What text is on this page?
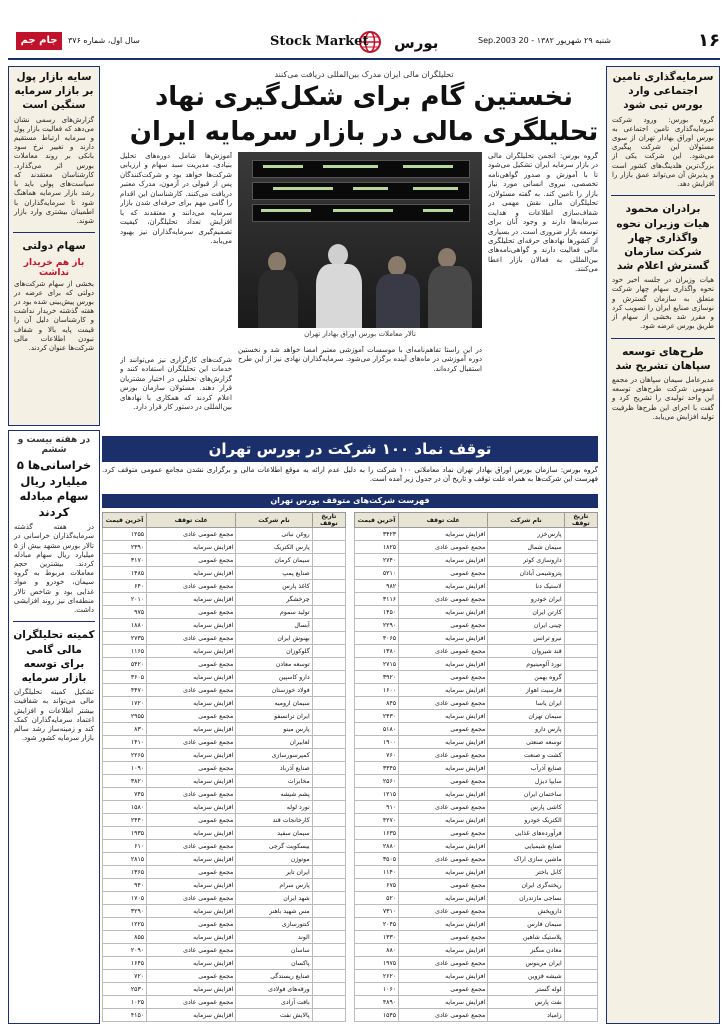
۱۶
شنبه ۲۹ شهریور ۱۳۸۲ - 20 Sep.2003
بورس
Stock Market
سال اول، شماره ۳۷۶
جام جم
سایه بازار پول بر بازار سرمایه سنگین است
گزارش‌های رسمی نشان می‌دهد که فعالیت بازار پول و سرمایه ارتباط مستقیم دارند و تغییر نرخ سود بانکی بر روند معاملات بورس اثر می‌گذارد. کارشناسان معتقدند که سیاست‌های پولی باید با رشد بازار سرمایه هماهنگ شود تا سرمایه‌گذاران با اطمینان بیشتری وارد بازار شوند.
سهام دولتی
باز هم خریدار نداشت
بخشی از سهام شرکت‌های دولتی که برای عرضه در بورس پیش‌بینی شده بود در هفته گذشته خریدار نداشت و کارشناسان دلیل آن را قیمت پایه بالا و شفاف نبودن اطلاعات مالی شرکت‌ها عنوان کردند.
در هفته بیست و ششم
خراسانی‌ها ۵ میلیارد ریال سهام مبادله کردند
در هفته گذشته سرمایه‌گذاران خراسانی در تالار بورس مشهد بیش از ۵ میلیارد ریال سهام مبادله کردند. بیشترین حجم معاملات مربوط به گروه سیمان، خودرو و مواد غذایی بود و شاخص تالار منطقه‌ای نیز روند افزایشی داشت.
کمیته تحلیلگران مالی گامی برای توسعه بازار سرمایه
تشکیل کمیته تحلیلگران مالی می‌تواند به شفافیت بیشتر اطلاعات و افزایش اعتماد سرمایه‌گذاران کمک کند و زمینه‌ساز رشد سالم بازار سرمایه کشور شود.
سرمایه‌گذاری تامین اجتماعی وارد بورس تبی شود
گروه بورس: ورود شرکت سرمایه‌گذاری تامین اجتماعی به بورس اوراق بهادار تهران از سوی مسئولان این شرکت پیگیری می‌شود. این شرکت یکی از بزرگ‌ترین هلدینگ‌های کشور است و پذیرش آن می‌تواند عمق بازار را افزایش دهد.
برادران محمود هیات وزیران نحوه واگذاری چهار شرکت سازمان گسترش اعلام شد
هیات وزیران در جلسه اخیر خود نحوه واگذاری سهام چهار شرکت متعلق به سازمان گسترش و نوسازی صنایع ایران را تصویب کرد و مقرر شد بخشی از سهام از طریق بورس عرضه شود.
طرح‌های توسعه سپاهان تشریح شد
مدیرعامل سیمان سپاهان در مجمع عمومی شرکت طرح‌های توسعه این واحد تولیدی را تشریح کرد و گفت با اجرای این طرح‌ها ظرفیت تولید افزایش می‌یابد.
تحلیلگران مالی ایران مدرک بین‌المللی دریافت می‌کنند
نخستین گام برای شکل‌گیری نهاد تحلیلگری مالی در بازار سرمایه ایران
گروه بورس: انجمن تحلیلگران مالی در بازار سرمایه ایران تشکیل می‌شود تا با آموزش و صدور گواهی‌نامه تخصصی، نیروی انسانی مورد نیاز بازار را تامین کند. به گفته مسئولان، تحلیلگران مالی نقش مهمی در شفاف‌سازی اطلاعات و هدایت سرمایه‌ها دارند و وجود آنان برای توسعه بازار ضروری است. در بسیاری از کشورها نهادهای حرفه‌ای تحلیلگری مالی فعالیت دارند و گواهی‌نامه‌های بین‌المللی به فعالان بازار اعطا می‌کنند.
آموزش‌ها شامل دوره‌های تحلیل بنیادی، مدیریت سبد سهام و ارزیابی شرکت‌ها خواهد بود و شرکت‌کنندگان پس از قبولی در آزمون، مدرک معتبر دریافت می‌کنند. کارشناسان این اقدام را گامی مهم برای حرفه‌ای شدن بازار سرمایه می‌دانند و معتقدند که با افزایش تعداد تحلیلگران، کیفیت تصمیم‌گیری سرمایه‌گذاران نیز بهبود می‌یابد.
شرکت‌های کارگزاری نیز می‌توانند از خدمات این تحلیلگران استفاده کنند و گزارش‌های تحلیلی در اختیار مشتریان قرار دهند. مسئولان سازمان بورس اعلام کردند که همکاری با نهادهای بین‌المللی در دستور کار قرار دارد.
در این راستا تفاهم‌نامه‌ای با موسسات آموزشی معتبر امضا خواهد شد و نخستین دوره آموزشی در ماه‌های آینده برگزار می‌شود. سرمایه‌گذاران نهادی نیز از این طرح استقبال کرده‌اند.
تالار معاملات بورس اوراق بهادار تهران
توقف نماد ۱۰۰ شرکت در بورس تهران
گروه بورس: سازمان بورس اوراق بهادار تهران نماد معاملاتی ۱۰۰ شرکت را به دلیل عدم ارائه به موقع اطلاعات مالی و برگزاری نشدن مجامع عمومی متوقف کرد. فهرست این شرکت‌ها به همراه علت توقف و تاریخ آن در جدول زیر آمده است.
فهرست شرکت‌های متوقف بورس تهران
تاریخ توقف	نام شرکت	علت توقف	آخرین قیمت
	پارس‌خزر	افزایش سرمایه	۳۴۲۳
	سیمان شمال	مجمع عمومی عادی	۱۸۲۵
	داروسازی کوثر	افزایش سرمایه	۲۷۴۰
	پتروشیمی آبادان	مجمع عمومی	۵۲۱۰
	لاستیک دنا	افزایش سرمایه	۹۸۲
	ایران خودرو	مجمع عمومی عادی	۳۱۱۶
	کارتن ایران	افزایش سرمایه	۱۴۵۰
	چینی ایران	مجمع عمومی	۲۲۹۰
	نیرو ترانس	افزایش سرمایه	۴۰۶۵
	قند شیروان	مجمع عمومی عادی	۱۳۸۰
	نورد آلومینیوم	افزایش سرمایه	۲۷۱۵
	گروه بهمن	مجمع عمومی	۳۹۲۰
	فارسیت اهواز	افزایش سرمایه	۱۶۰۰
	ایران یاسا	مجمع عمومی عادی	۸۴۵
	سیمان تهران	افزایش سرمایه	۲۴۳۰
	پارس دارو	مجمع عمومی	۵۱۸۰
	توسعه صنعتی	افزایش سرمایه	۱۹۰۰
	کشت و صنعت	مجمع عمومی عادی	۷۶۰
	صنایع آذرآب	افزایش سرمایه	۳۳۴۵
	سایپا دیزل	مجمع عمومی	۲۵۶۰
	ساختمان ایران	افزایش سرمایه	۱۲۱۵
	کاشی پارس	مجمع عمومی عادی	۹۱۰
	الکتریک خودرو	افزایش سرمایه	۴۲۷۰
	فرآورده‌های غذایی	مجمع عمومی	۱۶۳۵
	صنایع شیمیایی	افزایش سرمایه	۲۸۸۰
	ماشین سازی اراک	مجمع عمومی عادی	۳۵۰۵
	کابل باختر	افزایش سرمایه	۱۱۴۰
	ریخته‌گری ایران	مجمع عمومی	۶۷۵
	نساجی مازندران	افزایش سرمایه	۵۲۰
	داروپخش	مجمع عمومی عادی	۷۳۱۰
	سیمان فارس	افزایش سرمایه	۲۰۴۵
	پلاستیک شاهین	مجمع عمومی	۱۳۳۰
	معادن منگنز	افزایش سرمایه	۸۸۰
	ایران مرینوس	مجمع عمومی عادی	۱۹۷۵
	شیشه قزوین	افزایش سرمایه	۲۶۲۰
	لوله گستر	مجمع عمومی	۱۰۶۰
	نفت پارس	افزایش سرمایه	۴۸۹۰
	زامیاد	مجمع عمومی عادی	۱۵۴۵
تاریخ توقف	نام شرکت	علت توقف	آخرین قیمت
	روغن نباتی	مجمع عمومی عادی	۱۲۵۵
	پارس الکتریک	افزایش سرمایه	۲۳۹۰
	سیمان کرمان	مجمع عمومی	۳۱۷۰
	صنایع پمپ	افزایش سرمایه	۱۴۸۵
	کاغذ پارس	مجمع عمومی عادی	۶۴۰
	چرخشگر	افزایش سرمایه	۲۰۱۰
	تولید سموم	مجمع عمومی	۹۷۵
	آبسال	افزایش سرمایه	۱۸۸۰
	بهنوش ایران	مجمع عمومی عادی	۲۷۳۵
	گلوکوزان	افزایش سرمایه	۱۱۶۵
	توسعه معادن	مجمع عمومی	۵۴۲۰
	دارو کاسپین	افزایش سرمایه	۳۶۰۵
	فولاد خوزستان	مجمع عمومی عادی	۴۴۷۰
	سیمان ارومیه	افزایش سرمایه	۱۷۲۰
	ایران ترانسفو	مجمع عمومی	۲۹۵۵
	پارس مینو	افزایش سرمایه	۸۳۰
	لعابیران	مجمع عمومی عادی	۱۴۱۰
	کمپرسورسازی	افزایش سرمایه	۲۲۶۵
	صنایع آذرباد	مجمع عمومی	۱۰۹۰
	مخابرات	افزایش سرمایه	۳۸۲۰
	پشم شیشه	مجمع عمومی عادی	۷۴۵
	نورد لوله	افزایش سرمایه	۱۵۸۰
	کارخانجات قند	مجمع عمومی	۲۴۴۰
	سیمان سفید	افزایش سرمایه	۱۹۳۵
	بیسکویت گرجی	مجمع عمومی عادی	۶۱۰
	موتوژن	افزایش سرمایه	۲۸۱۵
	ایران تایر	مجمع عمومی	۱۳۶۵
	پارس سرام	افزایش سرمایه	۹۴۰
	شهد ایران	مجمع عمومی عادی	۱۷۰۵
	مس شهید باهنر	افزایش سرمایه	۳۲۹۰
	کنتورسازی	مجمع عمومی	۱۲۲۵
	الوند	افزایش سرمایه	۸۵۵
	ساسان	مجمع عمومی عادی	۲۰۹۰
	پاکسان	افزایش سرمایه	۱۶۴۵
	صنایع ریسندگی	مجمع عمومی	۷۲۰
	ورقه‌های فولادی	افزایش سرمایه	۲۵۳۰
	بافت آزادی	مجمع عمومی عادی	۱۰۲۵
	پالایش نفت	افزایش سرمایه	۴۱۵۰
